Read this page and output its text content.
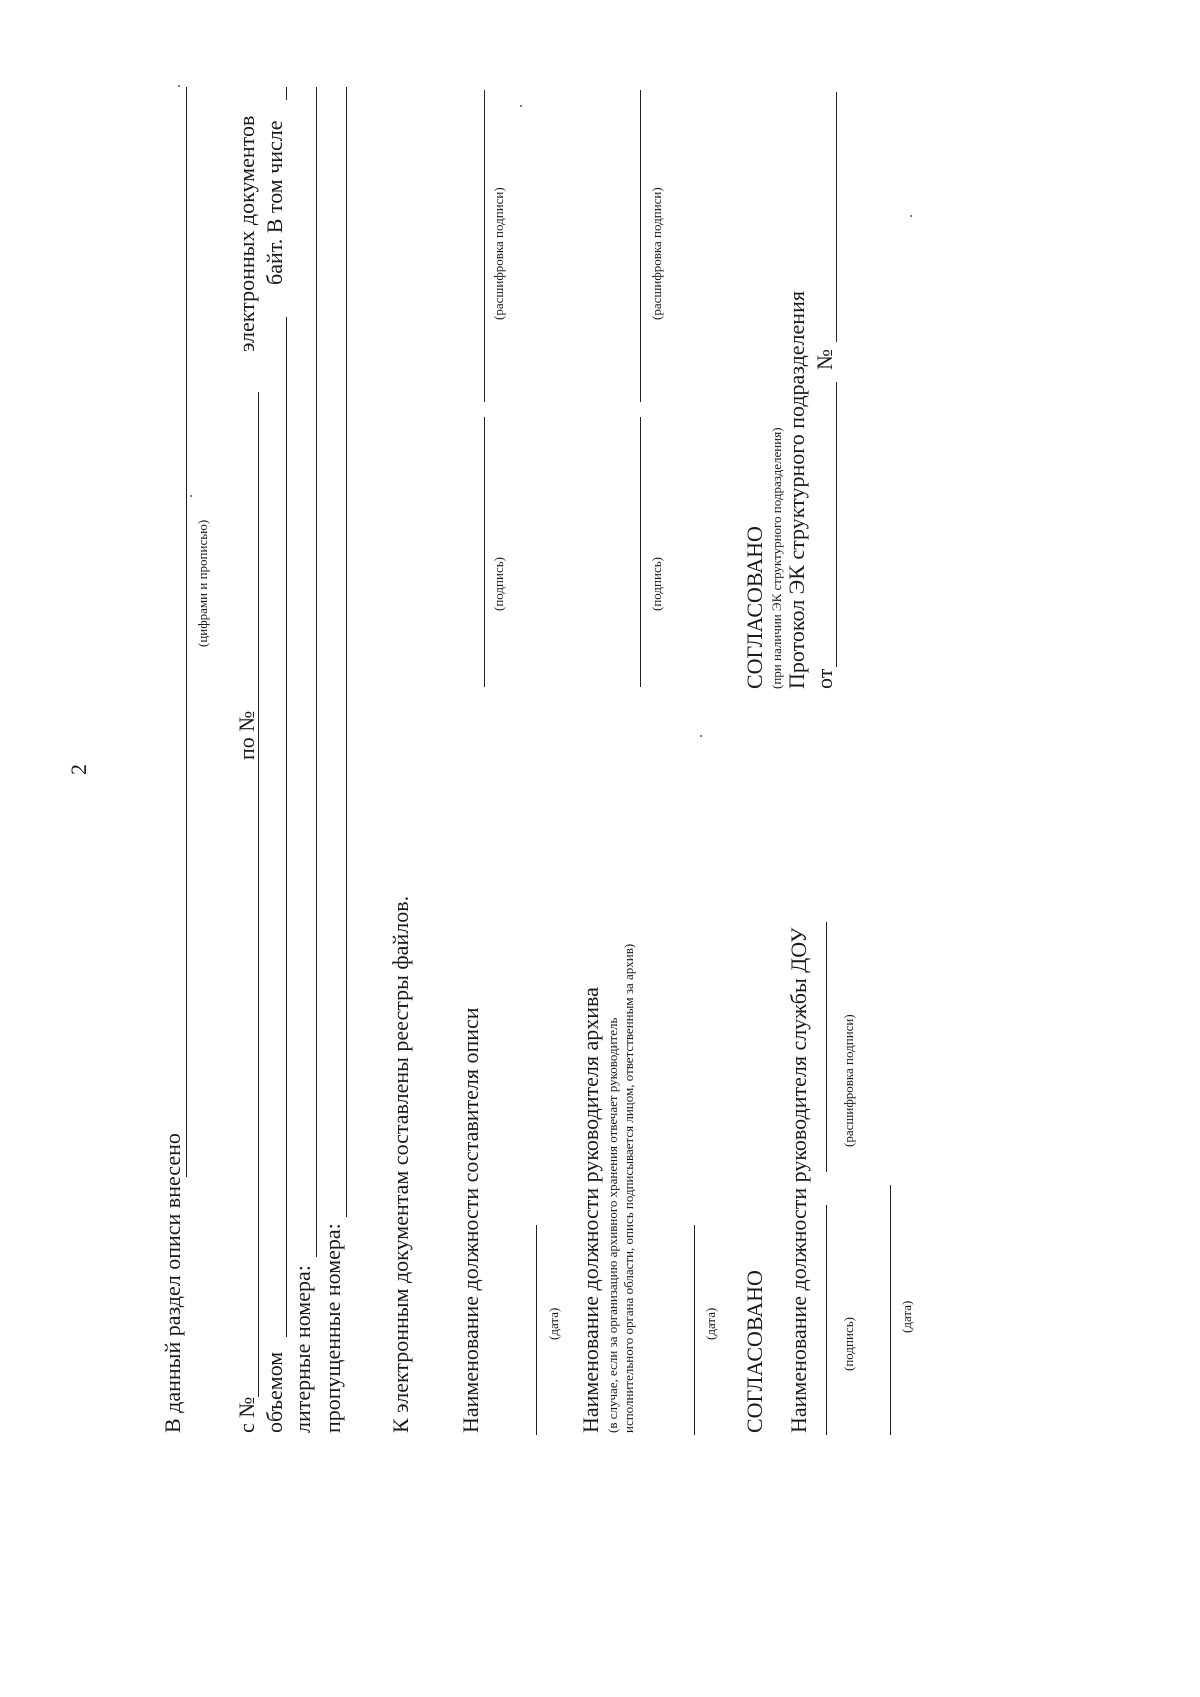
2
В данный раздел описи внесено
(цифрами и прописью)
с №
по №
электронных документов
объемом
байт. В том числе
литерные номера: пропущенные номера: К электронным документам составлены реестры файлов. Наименование должности составителя описи
(подпись)
(расшифровка подписи)
(дата) Наименование должности руководителя архива (в случае, если за организацию архивного хранения отвечает руководитель исполнительного органа области, опись подписывается лицом, ответственным за архив)
(подпись)
(расшифровка подписи)
(дата) СОГЛАСОВАНО Наименование должности руководителя службы ДОУ (подпись)
(расшифровка подписи)
(дата)
СОГЛАСОВАНО (при наличии ЭК структурного подразделения) Протокол ЭК структурного подразделения от
№
